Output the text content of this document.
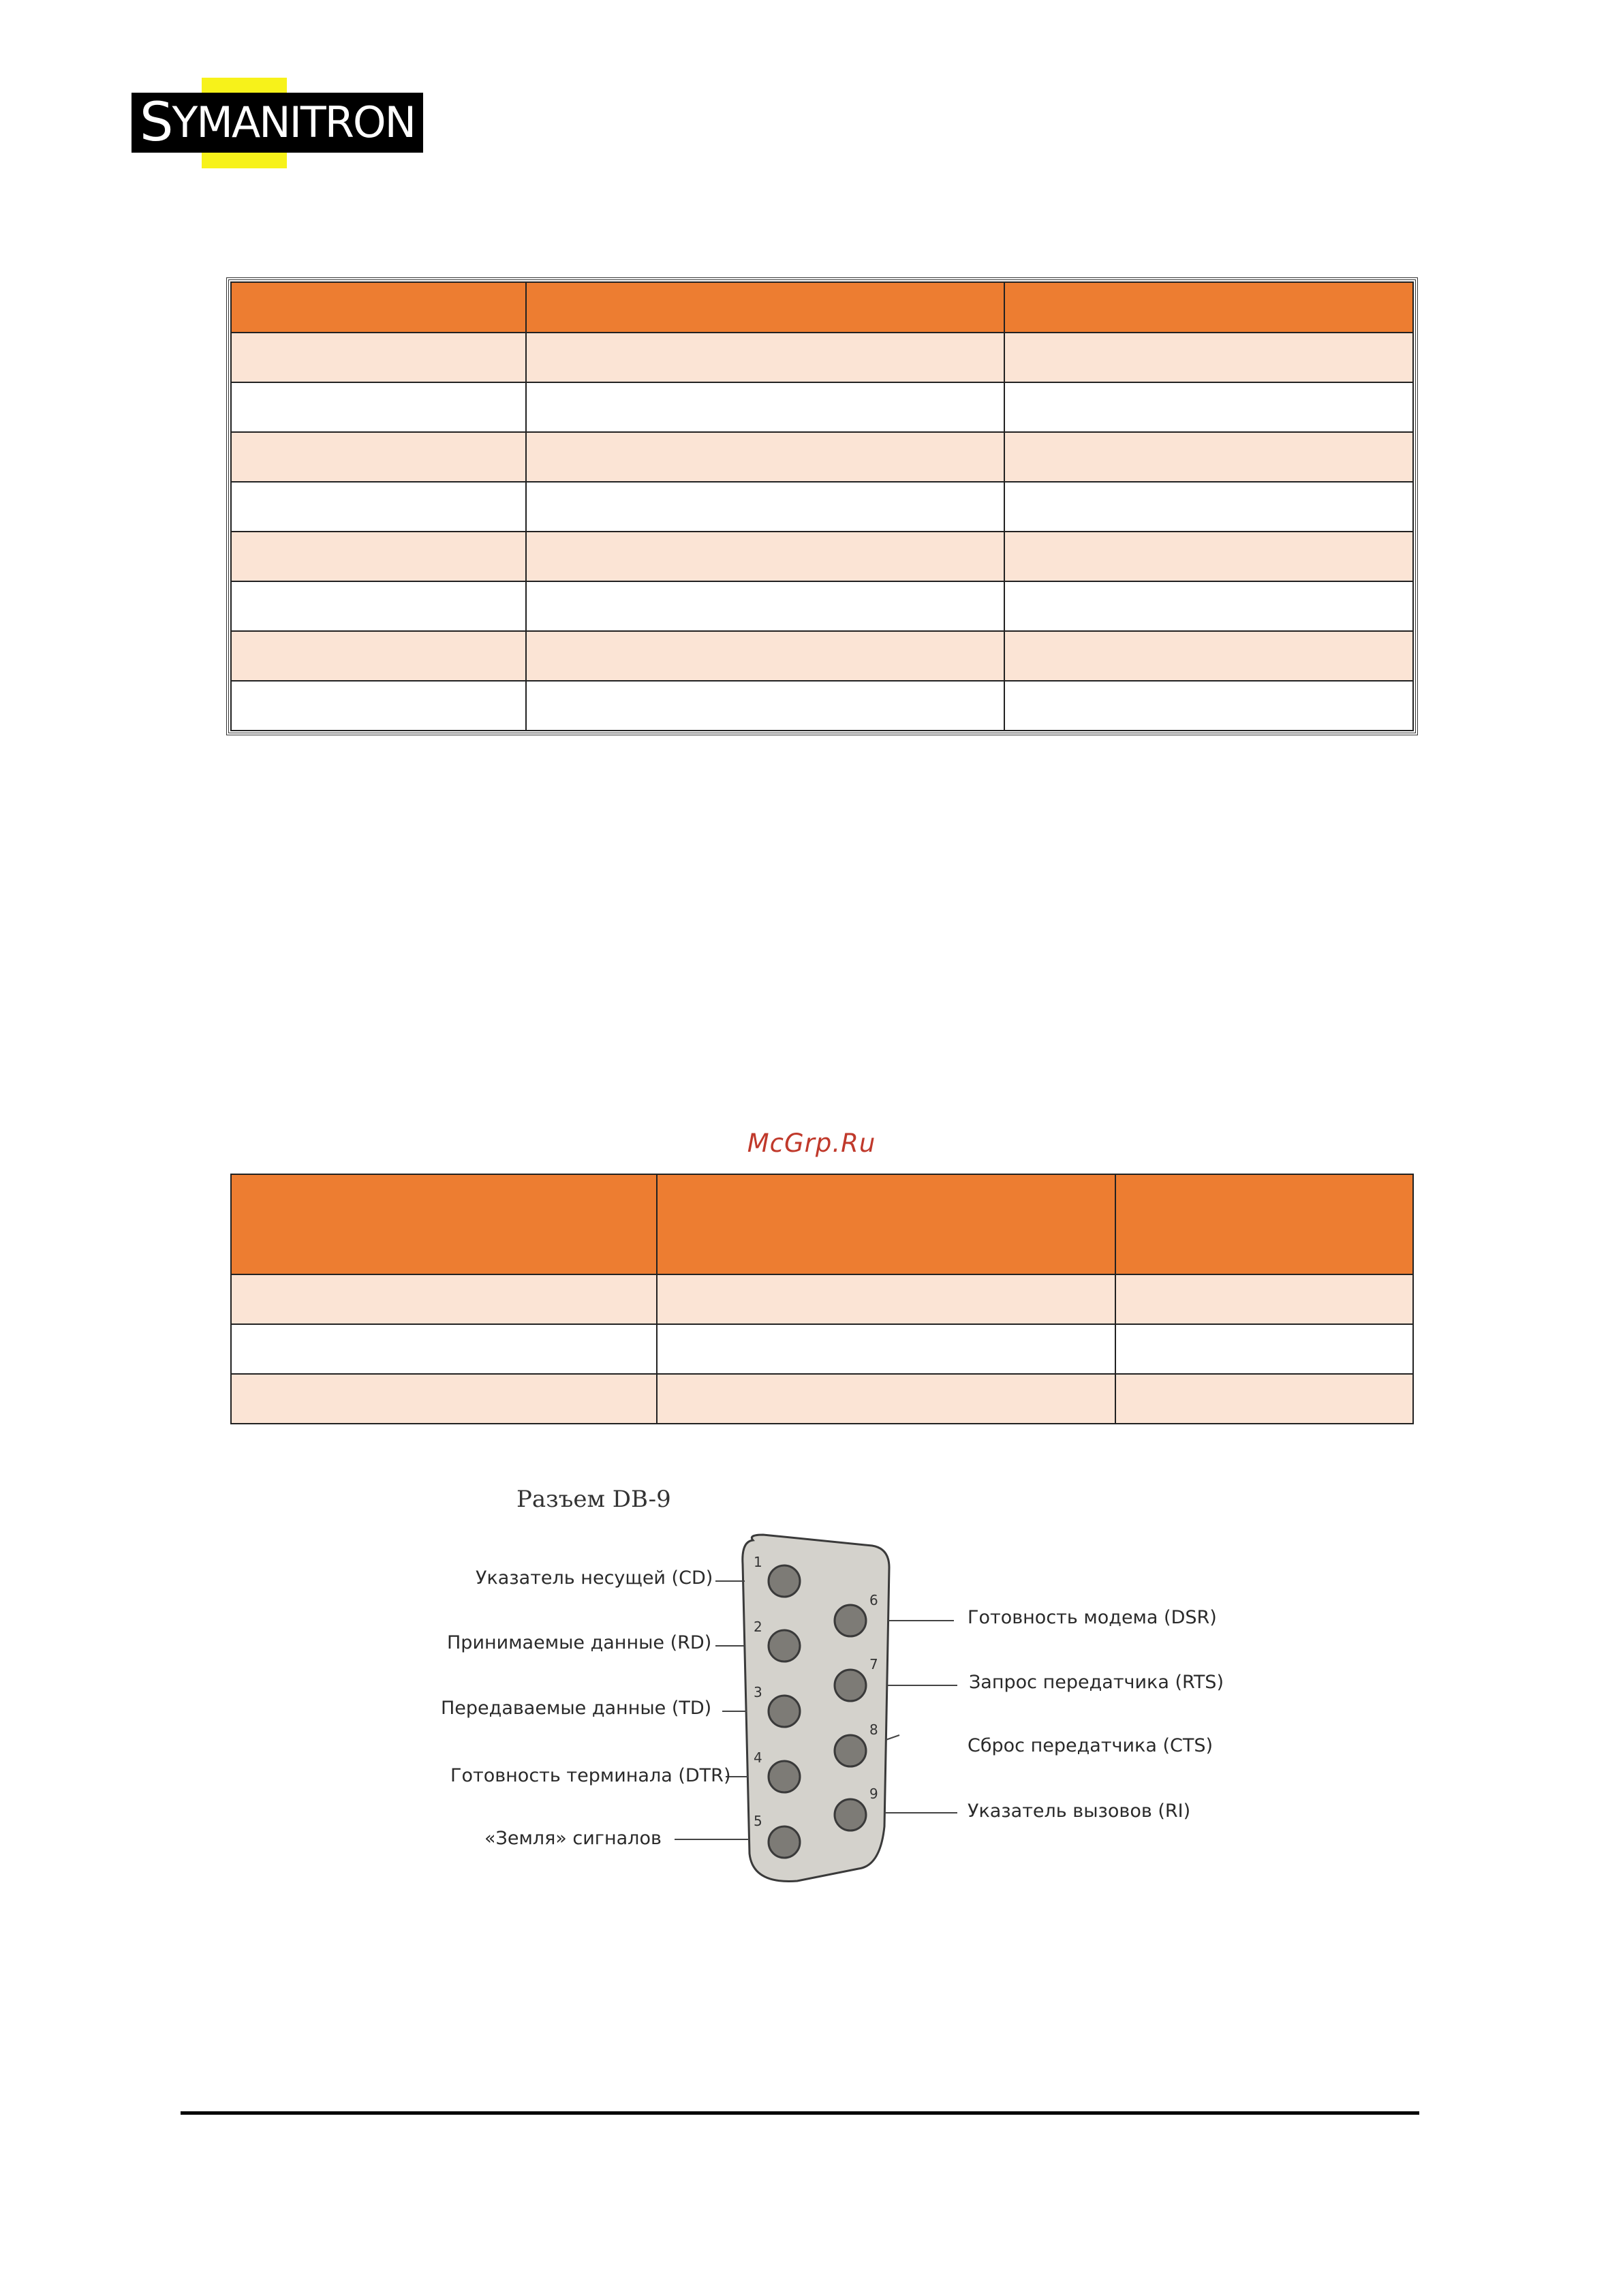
S YMANITRON

McGrp.Ru

Разъем DB-9
1
2
3
4
5
6
7
8
9
Указатель несущей (CD)
Принимаемые данные (RD)
Передаваемые данные (TD)
Готовность терминала (DTR)
«Земля» сигналов
Готовность модема (DSR)
Запрос передатчика (RTS)
Сброс передатчика (CTS)
Указатель вызовов (RI)
